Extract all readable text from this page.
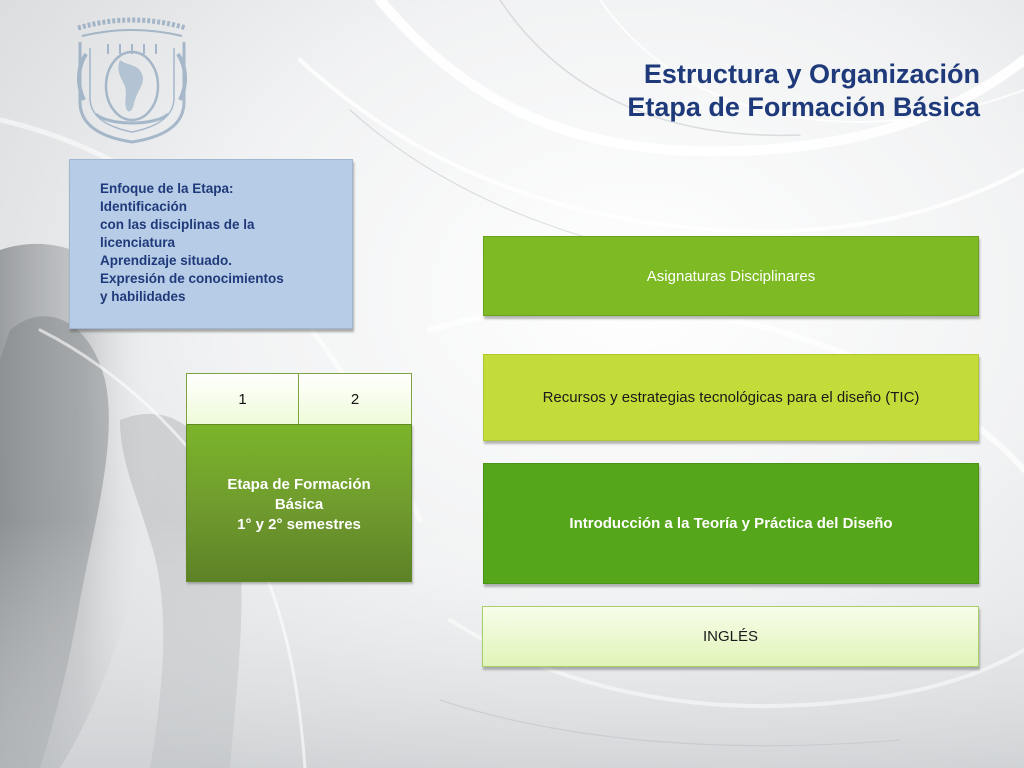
Estructura y Organización
Etapa de Formación Básica
Enfoque de la Etapa:
Identificación
con las disciplinas de la
licenciatura
Aprendizaje situado.
Expresión de conocimientos
y habilidades
1	2
Etapa de Formación
Básica
1° y 2° semestres
Asignaturas Disciplinares
Recursos y estrategias tecnológicas para el diseño (TIC)
Introducción a la Teoría y Práctica del Diseño
INGLÉS
